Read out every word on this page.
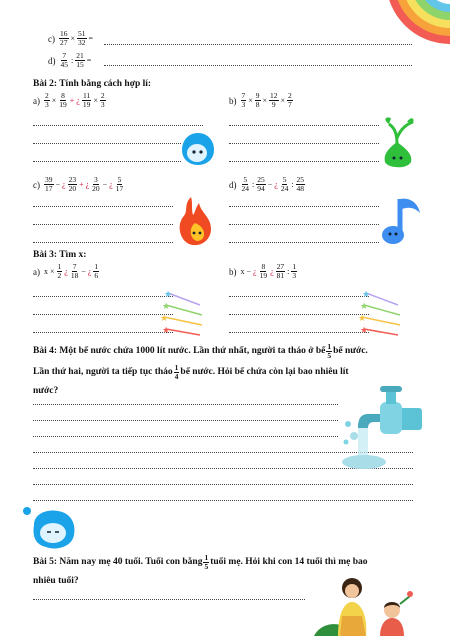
$c) \frac{16}{27} \times \frac{51}{32}$ =
$d) \frac{7}{45}$ : $\frac{21}{15}$ =
Bài 2: Tính bằng cách hợp lí:
$a) \frac{2}{3} \times \frac{8}{19}$ + ¿ $\frac{11}{19} \times \frac{2}{3}$	$b) \frac{7}{3} \times \frac{9}{8} \times \frac{12}{9} \times \frac{2}{7}$
$c) \frac{39}{17}$ − ¿ $\frac{23}{20}$ + ¿ $\frac{3}{20}$ − ¿ $\frac{5}{17}$	$d) \frac{5}{24}$ : $\frac{25}{94}$ − ¿ $\frac{5}{24}$ : $\frac{25}{48}$
Bài 3: Tìm x:
a) $x \times \frac{1}{2}$ ¿ $\frac{7}{18}$ − ¿ $\frac{1}{6}$	b) x − ¿ $\frac{8}{19}$ ¿ $\frac{27}{81}$ : $\frac{1}{3}$
★
★
★
★
★
★
★
★
Bài 4: Một bể nước chứa 1000 lít nước. Lần thứ nhất, người ta tháo ở bể $\frac{1}{5}$ bể nước.
Lần thứ hai, người ta tiếp tục tháo $\frac{1}{4}$ bể nước. Hỏi bể chứa còn lại bao nhiêu lít
nước?
Bài 5: Năm nay mẹ 40 tuổi. Tuổi con bằng $\frac{1}{5}$ tuổi mẹ. Hỏi khi con 14 tuổi thì mẹ bao
nhiêu tuổi?
